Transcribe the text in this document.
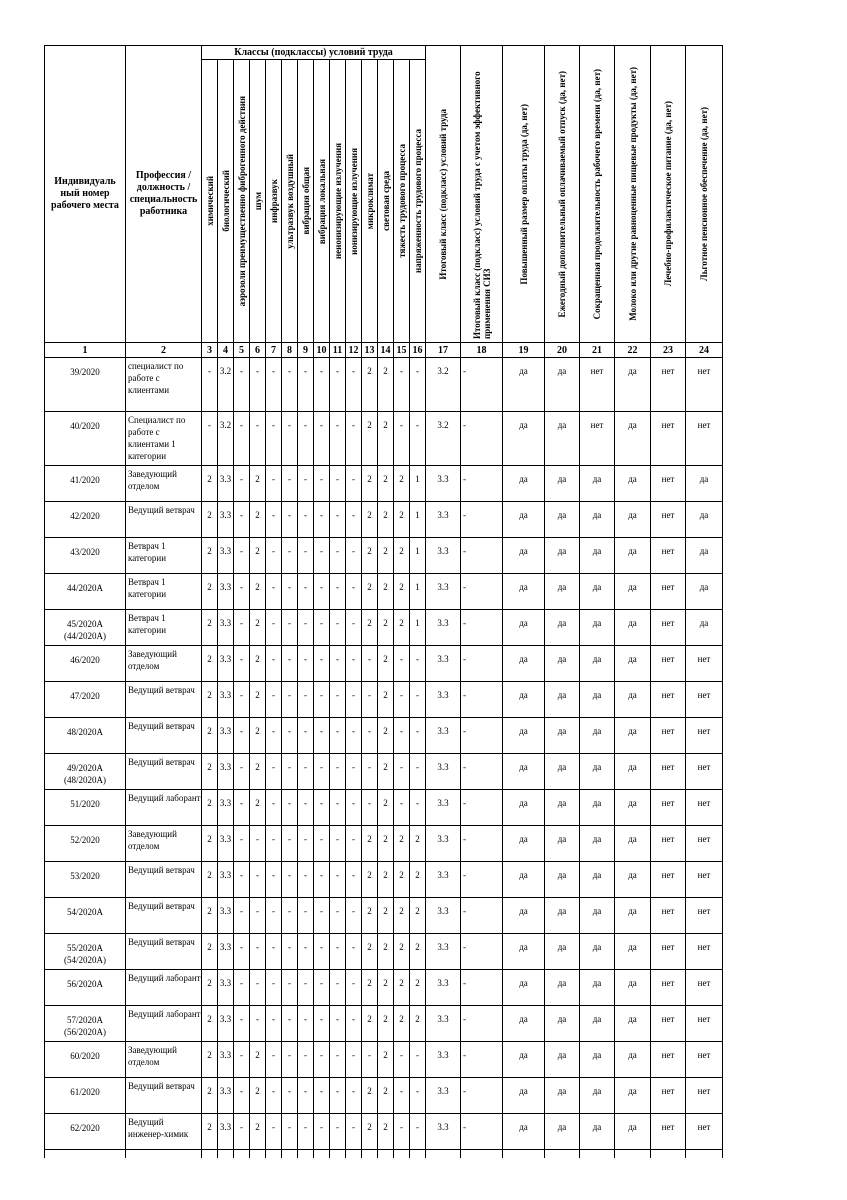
Индивидуаль ный номер рабочего места	Профессия / должность / специальность работника	Классы (подклассы) условий труда														Итоговый класс (подкласс) условий труда	Итоговый класс (подкласс) условий труда с учетом эффективного применения СИЗ	Повышенный размер оплаты труда (да, нет)	Ежегодный дополнительный оплачиваемый отпуск (да, нет)	Сокращенная продолжительность рабочего времени (да, нет)	Молоко или другие равноценные пищевые продукты (да, нет)	Лечебно-профилактическое питание (да, нет)	Льготное пенсионное обеспечение (да, нет)

		химический	биологический	аэрозоли преимущественно фиброгенного действия	шум	инфразвук	ультразвук воздушный	вибрация общая	вибрация локальная	неионизирующие излучения	ионизирующие излучения	микроклимат	световая среда	тяжесть трудового процесса	напряженность трудового процесса								

1	2	3	4	5	6	7	8	9	10	11	12	13	14	15	16	17	18	19	20	21	22	23	24
39/2020	специалист по работе с клиентами	-	3.2	-	-	-	-	-	-	-	-	2	2	-	-	3.2	-	да	да	нет	да	нет	нет
40/2020	Специалист по работе с клиентами 1 категории	-	3.2	-	-	-	-	-	-	-	-	2	2	-	-	3.2	-	да	да	нет	да	нет	нет
41/2020	Заведующий отделом	2	3.3	-	2	-	-	-	-	-	-	2	2	2	1	3.3	-	да	да	да	да	нет	да
42/2020	Ведущий ветврач	2	3.3	-	2	-	-	-	-	-	-	2	2	2	1	3.3	-	да	да	да	да	нет	да
43/2020	Ветврач 1 категории	2	3.3	-	2	-	-	-	-	-	-	2	2	2	1	3.3	-	да	да	да	да	нет	да
44/2020А	Ветврач 1 категории	2	3.3	-	2	-	-	-	-	-	-	2	2	2	1	3.3	-	да	да	да	да	нет	да
45/2020А (44/2020А)	Ветврач 1 категории	2	3.3	-	2	-	-	-	-	-	-	2	2	2	1	3.3	-	да	да	да	да	нет	да
46/2020	Заведующий отделом	2	3.3	-	2	-	-	-	-	-	-	-	2	-	-	3.3	-	да	да	да	да	нет	нет
47/2020	Ведущий ветврач	2	3.3	-	2	-	-	-	-	-	-	-	2	-	-	3.3	-	да	да	да	да	нет	нет
48/2020А	Ведущий ветврач	2	3.3	-	2	-	-	-	-	-	-	-	2	-	-	3.3	-	да	да	да	да	нет	нет
49/2020А (48/2020А)	Ведущий ветврач	2	3.3	-	2	-	-	-	-	-	-	-	2	-	-	3.3	-	да	да	да	да	нет	нет
51/2020	Ведущий лаборант	2	3.3	-	2	-	-	-	-	-	-	-	2	-	-	3.3	-	да	да	да	да	нет	нет
52/2020	Заведующий отделом	2	3.3	-	-	-	-	-	-	-	-	2	2	2	2	3.3	-	да	да	да	да	нет	нет
53/2020	Ведущий ветврач	2	3.3	-	-	-	-	-	-	-	-	2	2	2	2	3.3	-	да	да	да	да	нет	нет
54/2020А	Ведущий ветврач	2	3.3	-	-	-	-	-	-	-	-	2	2	2	2	3.3	-	да	да	да	да	нет	нет
55/2020А (54/2020А)	Ведущий ветврач	2	3.3	-	-	-	-	-	-	-	-	2	2	2	2	3.3	-	да	да	да	да	нет	нет
56/2020А	Ведущий лаборант	2	3.3	-	-	-	-	-	-	-	-	2	2	2	2	3.3	-	да	да	да	да	нет	нет
57/2020А (56/2020А)	Ведущий лаборант	2	3.3	-	-	-	-	-	-	-	-	2	2	2	2	3.3	-	да	да	да	да	нет	нет
60/2020	Заведующий отделом	2	3.3	-	2	-	-	-	-	-	-	-	2	-	-	3.3	-	да	да	да	да	нет	нет
61/2020	Ведущий ветврач	2	3.3	-	2	-	-	-	-	-	-	2	2	-	-	3.3	-	да	да	да	да	нет	нет
62/2020	Ведущий инженер-химик	2	3.3	-	2	-	-	-	-	-	-	2	2	-	-	3.3	-	да	да	да	да	нет	нет
